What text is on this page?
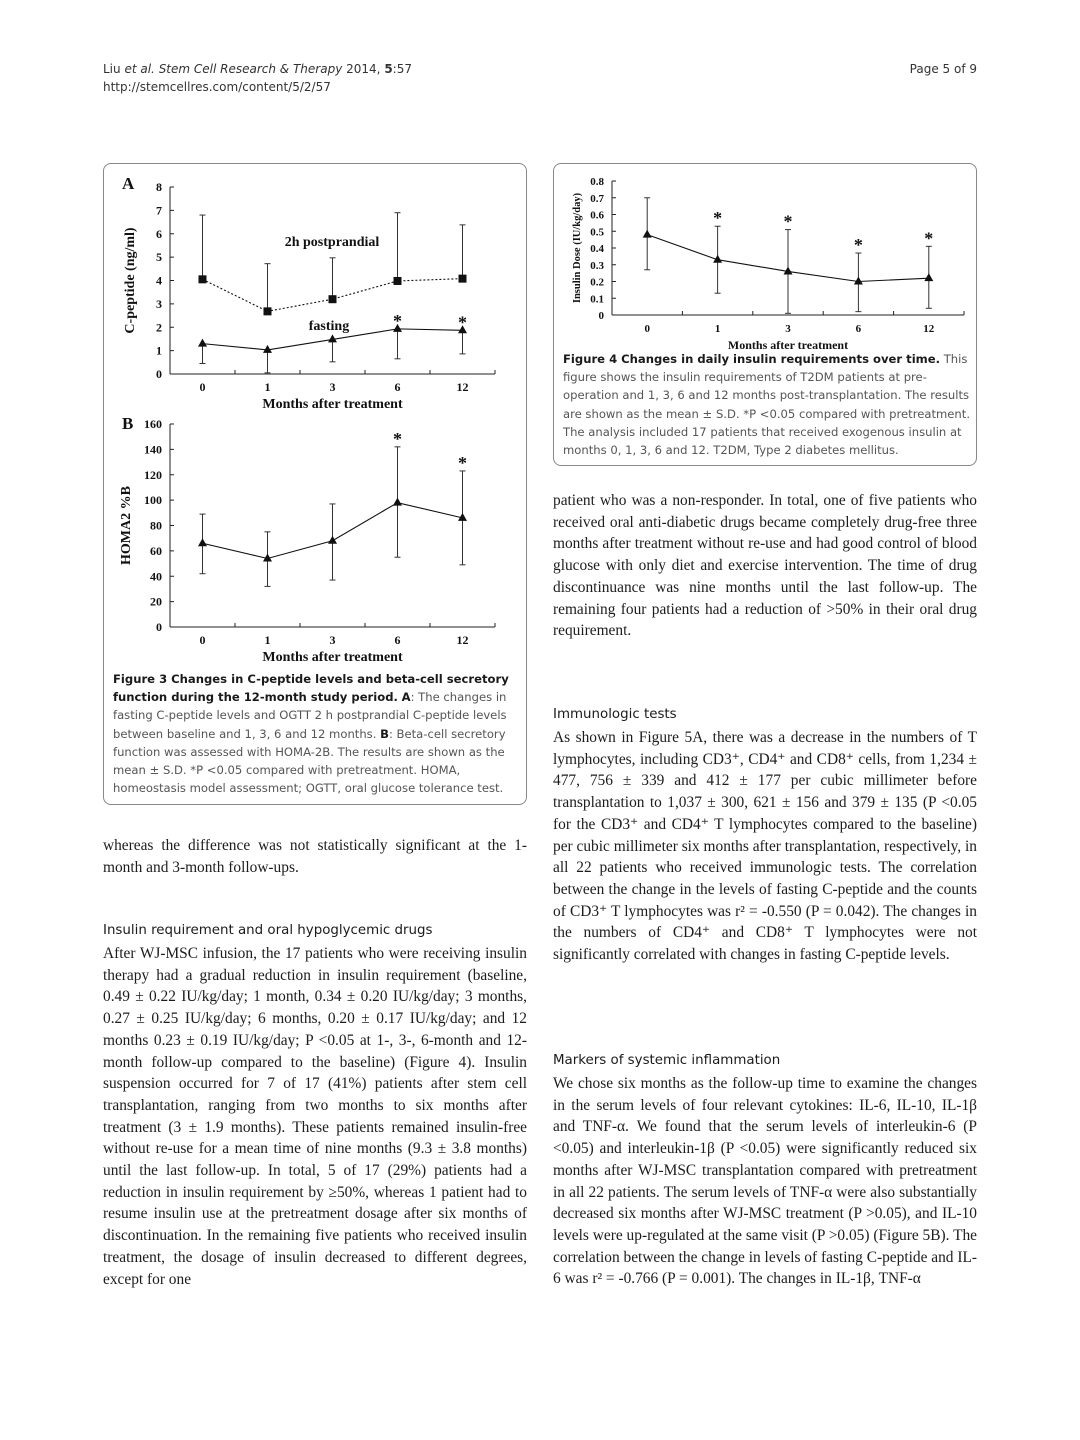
Liu et al. Stem Cell Research & Therapy 2014, 5:57
http://stemcellres.com/content/5/2/57
Page 5 of 9
0
1
2
3
4
5
6
7
8
0	1	3	6	12
Months after treatment
C-peptide (ng/ml)
A
*	*
2h postprandial
fasting
0
20
40
60
80
100
120
140
160
0	1	3	6	12
Months after treatment
HOMA2 %B
B
*
*
Figure 3 Changes in C-peptide levels and beta-cell secretory function during the 12-month study period. A: The changes in fasting C-peptide levels and OGTT 2 h postprandial C-peptide levels between baseline and 1, 3, 6 and 12 months. B: Beta-cell secretory function was assessed with HOMA-2B. The results are shown as the mean ± S.D. *P <0.05 compared with pretreatment. HOMA, homeostasis model assessment; OGTT, oral glucose tolerance test.
0
0.1
0.2
0.3
0.4
0.5
0.6
0.7
0.8
0	1	3	6	12
Months after treatment
Insulin Dose (IU/kg/day)	*	*
*	*
Figure 4 Changes in daily insulin requirements over time. This figure shows the insulin requirements of T2DM patients at pre-operation and 1, 3, 6 and 12 months post-transplantation. The results are shown as the mean ± S.D. *P <0.05 compared with pretreatment. The analysis included 17 patients that received exogenous insulin at months 0, 1, 3, 6 and 12. T2DM, Type 2 diabetes mellitus.
whereas the difference was not statistically significant at the 1-month and 3-month follow-ups.
Insulin requirement and oral hypoglycemic drugs
After WJ-MSC infusion, the 17 patients who were receiving insulin therapy had a gradual reduction in insulin requirement (baseline, 0.49 ± 0.22 IU/kg/day; 1 month, 0.34 ± 0.20 IU/kg/day; 3 months, 0.27 ± 0.25 IU/kg/day; 6 months, 0.20 ± 0.17 IU/kg/day; and 12 months 0.23 ± 0.19 IU/kg/day; P <0.05 at 1-, 3-, 6-month and 12-month follow-up compared to the baseline) (Figure 4). Insulin suspension occurred for 7 of 17 (41%) patients after stem cell transplantation, ranging from two months to six months after treatment (3 ± 1.9 months). These patients remained insulin-free without re-use for a mean time of nine months (9.3 ± 3.8 months) until the last follow-up. In total, 5 of 17 (29%) patients had a reduction in insulin requirement by ≥50%, whereas 1 patient had to resume insulin use at the pretreatment dosage after six months of discontinuation. In the remaining five patients who received insulin treatment, the dosage of insulin decreased to different degrees, except for one
patient who was a non-responder. In total, one of five patients who received oral anti-diabetic drugs became completely drug-free three months after treatment without re-use and had good control of blood glucose with only diet and exercise intervention. The time of drug discontinuance was nine months until the last follow-up. The remaining four patients had a reduction of >50% in their oral drug requirement.
Immunologic tests
As shown in Figure 5A, there was a decrease in the numbers of T lymphocytes, including CD3⁺, CD4⁺ and CD8⁺ cells, from 1,234 ± 477, 756 ± 339 and 412 ± 177 per cubic millimeter before transplantation to 1,037 ± 300, 621 ± 156 and 379 ± 135 (P <0.05 for the CD3⁺ and CD4⁺ T lymphocytes compared to the baseline) per cubic millimeter six months after transplantation, respectively, in all 22 patients who received immunologic tests. The correlation between the change in the levels of fasting C-peptide and the counts of CD3⁺ T lymphocytes was r² = -0.550 (P = 0.042). The changes in the numbers of CD4⁺ and CD8⁺ T lymphocytes were not significantly correlated with changes in fasting C-peptide levels.
Markers of systemic inflammation
We chose six months as the follow-up time to examine the changes in the serum levels of four relevant cytokines: IL-6, IL-10, IL-1β and TNF-α. We found that the serum levels of interleukin-6 (P <0.05) and interleukin-1β (P <0.05) were significantly reduced six months after WJ-MSC transplantation compared with pretreatment in all 22 patients. The serum levels of TNF-α were also substantially decreased six months after WJ-MSC treatment (P >0.05), and IL-10 levels were up-regulated at the same visit (P >0.05) (Figure 5B). The correlation between the change in levels of fasting C-peptide and IL-6 was r² = -0.766 (P = 0.001). The changes in IL-1β, TNF-α
